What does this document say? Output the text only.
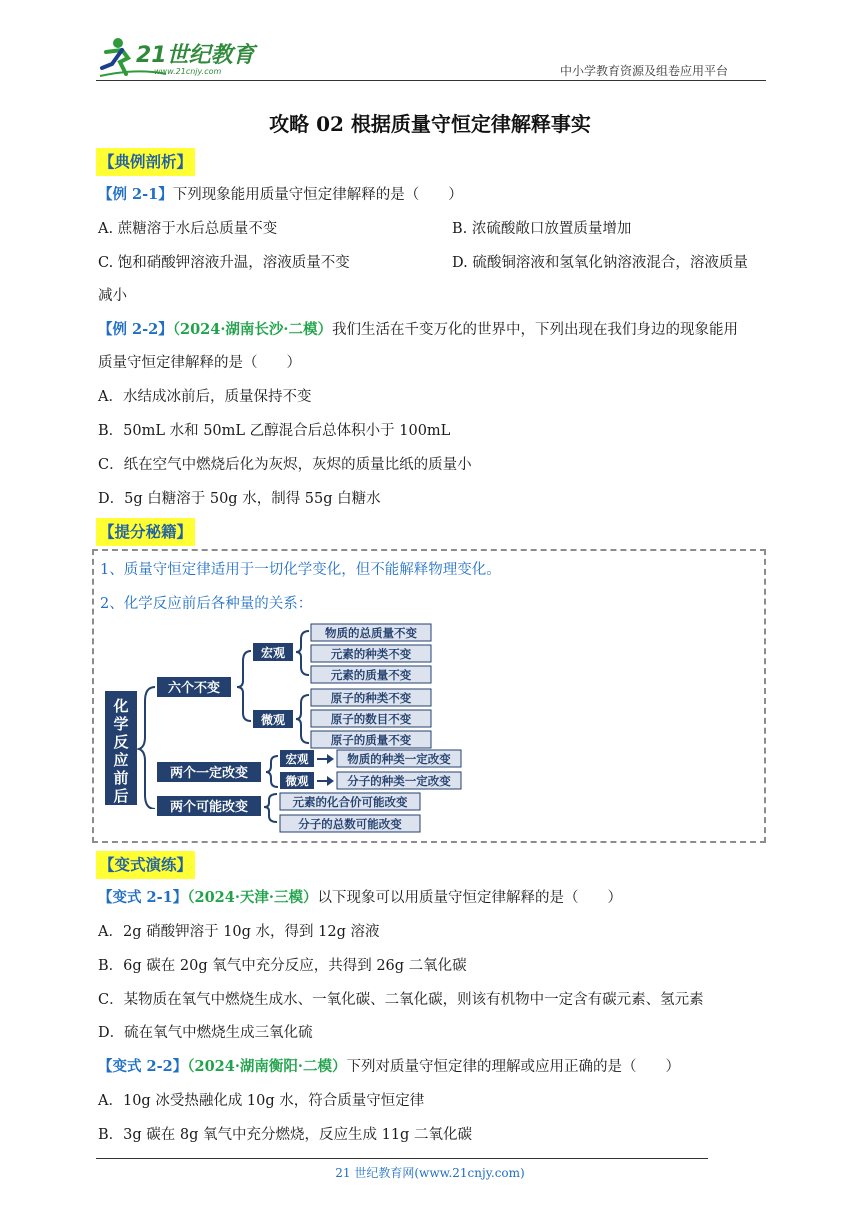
21世纪教育
www.21cnjy.com	中小学教育资源及组卷应用平台
攻略 02 根据质量守恒定律解释事实
【典例剖析】
【例 2-1】下列现象能用质量守恒定律解释的是（　　）
A. 蔗糖溶于水后总质量不变	B. 浓硫酸敞口放置质量增加
C. 饱和硝酸钾溶液升温，溶液质量不变	D. 硫酸铜溶液和氢氧化钠溶液混合，溶液质量
减小
【例 2-2】（2024·湖南长沙·二模）我们生活在千变万化的世界中，下列出现在我们身边的现象能用
质量守恒定律解释的是（　　）
A．水结成冰前后，质量保持不变
B．50mL 水和 50mL 乙醇混合后总体积小于 100mL
C．纸在空气中燃烧后化为灰烬，灰烬的质量比纸的质量小
D．5g 白糖溶于 50g 水，制得 55g 白糖水
【提分秘籍】
1、质量守恒定律适用于一切化学变化，但不能解释物理变化。
2、化学反应前后各种量的关系：
化
学
反
应
前
后
六个不变
两个一定改变
宏观
微观
物质的总质量不变
元素的种类不变
元素的质量不变
原子的种类不变
原子的数目不变
原子的质量不变
宏观
微观
物质的种类一定改变
分子的种类一定改变
两个可能改变	元素的化合价可能改变
分子的总数可能改变
【变式演练】
【变式 2-1】（2024·天津·三模）以下现象可以用质量守恒定律解释的是（　　）
A．2g 硝酸钾溶于 10g 水，得到 12g 溶液
B．6g 碳在 20g 氧气中充分反应，共得到 26g 二氧化碳
C．某物质在氧气中燃烧生成水、一氧化碳、二氧化碳，则该有机物中一定含有碳元素、氢元素
D．硫在氧气中燃烧生成三氧化硫
【变式 2-2】（2024·湖南衡阳·二模）下列对质量守恒定律的理解或应用正确的是（　　）
A．10g 冰受热融化成 10g 水，符合质量守恒定律
B．3g 碳在 8g 氧气中充分燃烧，反应生成 11g 二氧化碳
21 世纪教育网(www.21cnjy.com)
